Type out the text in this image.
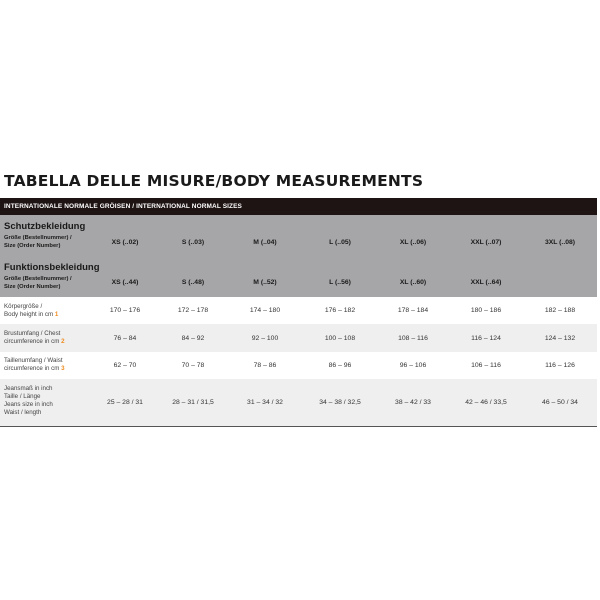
TABELLA DELLE MISURE/BODY MEASUREMENTS
INTERNATIONALE NORMALE GRÖISEN / INTERNATIONAL NORMAL SIZES
Schutzbekleidung
Größe (Bestellnummer) /
Size (Order Number)	XS (..02)	S (..03)	M (..04)	L (..05)	XL (..06)	XXL (..07)	3XL (..08)
Funktionsbekleidung
Größe (Bestellnummer) /
Size (Order Number)
XS (..44)	S (..48)	M (..52)	L (..56)	XL (..60)	XXL (..64)
Körpergröße /
Body height in cm 1
170 – 176	172 – 178	174 – 180	176 – 182	178 – 184	180 – 186	182 – 188
Brustumfang / Chest
circumference in cm 2	76 – 84	84 – 92	92 – 100	100 – 108	108 – 116	116 – 124	124 – 132
Taillenumfang / Waist
circumference in cm 3	62 – 70	70 – 78	78 – 86	86 – 96	96 – 106	106 – 116	116 – 126
Jeansmaß in inch
Taille / Länge
Jeans size in inch
Waist / length
25 – 28 / 31	28 – 31 / 31,5	31 – 34 / 32	34 – 38 / 32,5	38 – 42 / 33	42 – 46 / 33,5	46 – 50 / 34
